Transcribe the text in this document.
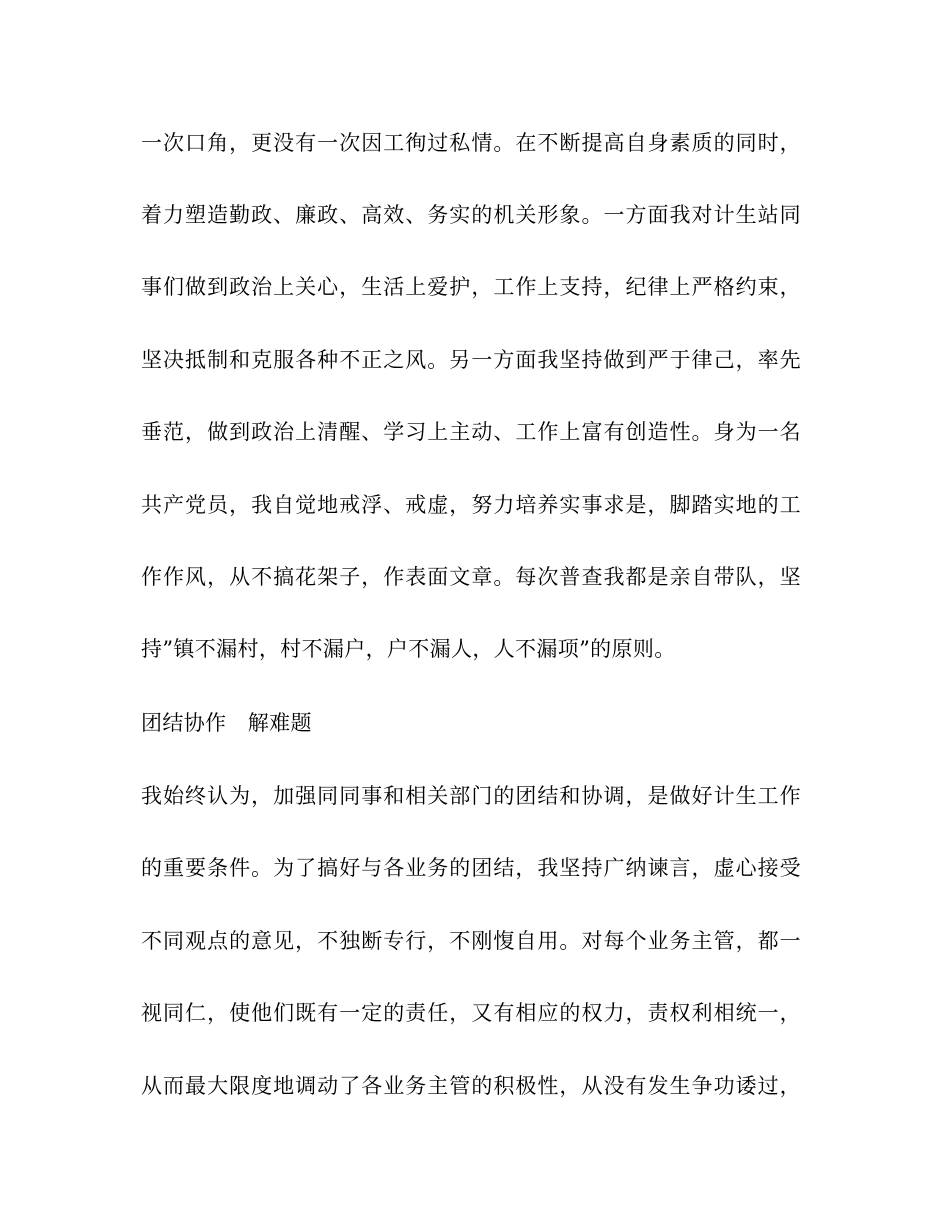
一次口角，更没有一次因工徇过私情。在不断提高自身素质的同时，
着力塑造勤政、廉政、高效、务实的机关形象。一方面我对计生站同
事们做到政治上关心，生活上爱护，工作上支持，纪律上严格约束，
坚决抵制和克服各种不正之风。另一方面我坚持做到严于律己，率先
垂范，做到政治上清醒、学习上主动、工作上富有创造性。身为一名
共产党员，我自觉地戒浮、戒虚，努力培养实事求是，脚踏实地的工
作作风，从不搞花架子，作表面文章。每次普查我都是亲自带队，坚
持”镇不漏村，村不漏户，户不漏人，人不漏项”的原则。
团结协作　解难题
我始终认为，加强同同事和相关部门的团结和协调，是做好计生工作
的重要条件。为了搞好与各业务的团结，我坚持广纳谏言，虚心接受
不同观点的意见，不独断专行，不刚愎自用。对每个业务主管，都一
视同仁，使他们既有一定的责任，又有相应的权力，责权利相统一，
从而最大限度地调动了各业务主管的积极性，从没有发生争功诿过，
